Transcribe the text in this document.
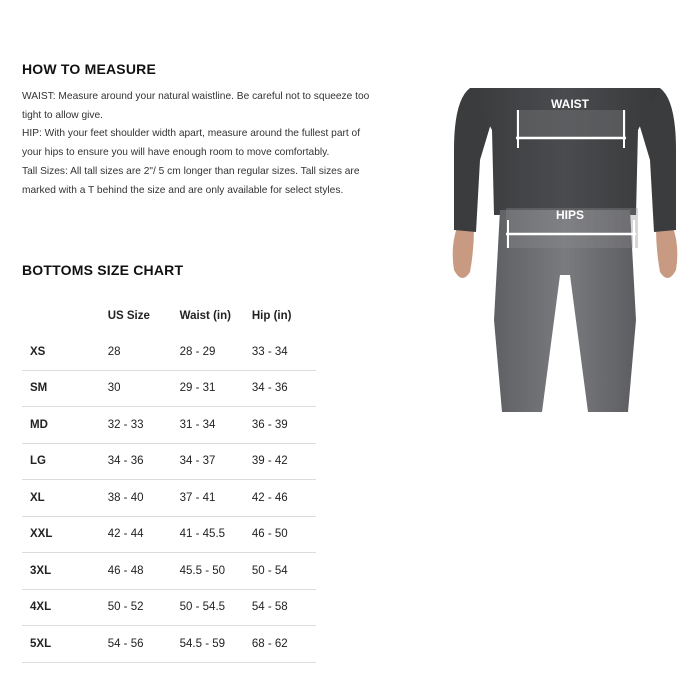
HOW TO MEASURE

WAIST: Measure around your natural waistline. Be careful not to squeeze too tight to allow give.

HIP: With your feet shoulder width apart, measure around the fullest part of your hips to ensure you will have enough room to move comfortably.

Tall Sizes: All tall sizes are 2"/ 5 cm longer than regular sizes. Tall sizes are marked with a T behind the size and are only available for select styles.

BOTTOMS SIZE CHART
	US Size	Waist (in)	Hip (in)
XS	28	28 - 29	33 - 34
SM	30	29 - 31	34 - 36
MD	32 - 33	31 - 34	36 - 39
LG	34 - 36	34 - 37	39 - 42
XL	38 - 40	37 - 41	42 - 46
XXL	42 - 44	41 - 45.5	46 - 50
3XL	46 - 48	45.5 - 50	50 - 54
4XL	50 - 52	50 - 54.5	54 - 58
5XL	54 - 56	54.5 - 59	68 - 62
WAIST
HIPS
